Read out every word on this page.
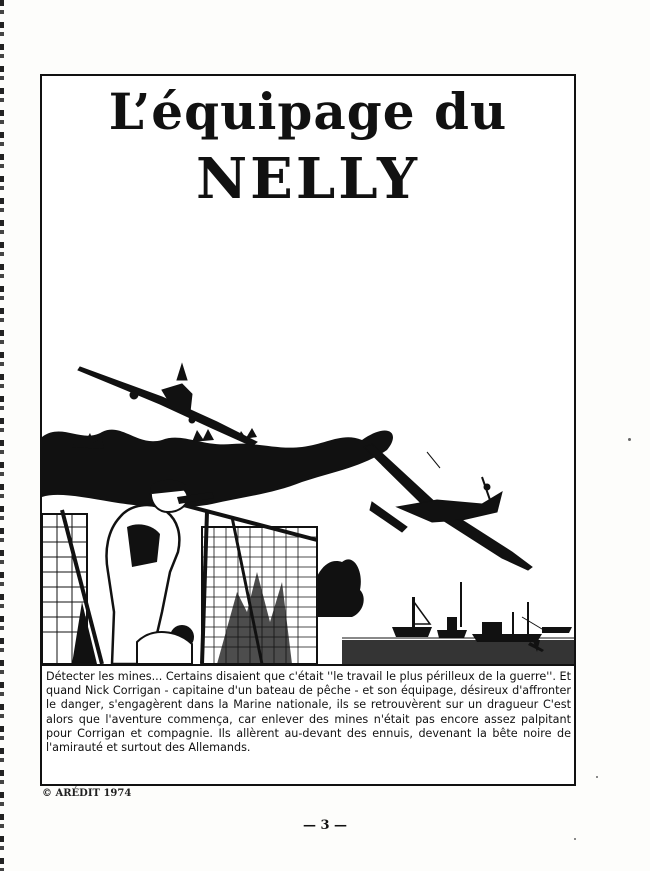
L’équipage du
NELLY
Détecter les mines... Certains disaient que c'était ''le travail le plus périlleux de la guerre''. Et quand Nick Corrigan - capitaine d'un bateau de pêche - et son équipage, désireux d'affronter le danger, s'engagèrent dans la Marine nationale, ils se retrouvèrent sur un dragueur C'est alors que l'aventure commença, car enlever des mines n'était pas encore assez palpitant pour Corrigan et compagnie. Ils allèrent au-devant des ennuis, devenant la bête noire de l'amirauté et surtout des Allemands.
© ARÉDIT 1974
— 3 —
